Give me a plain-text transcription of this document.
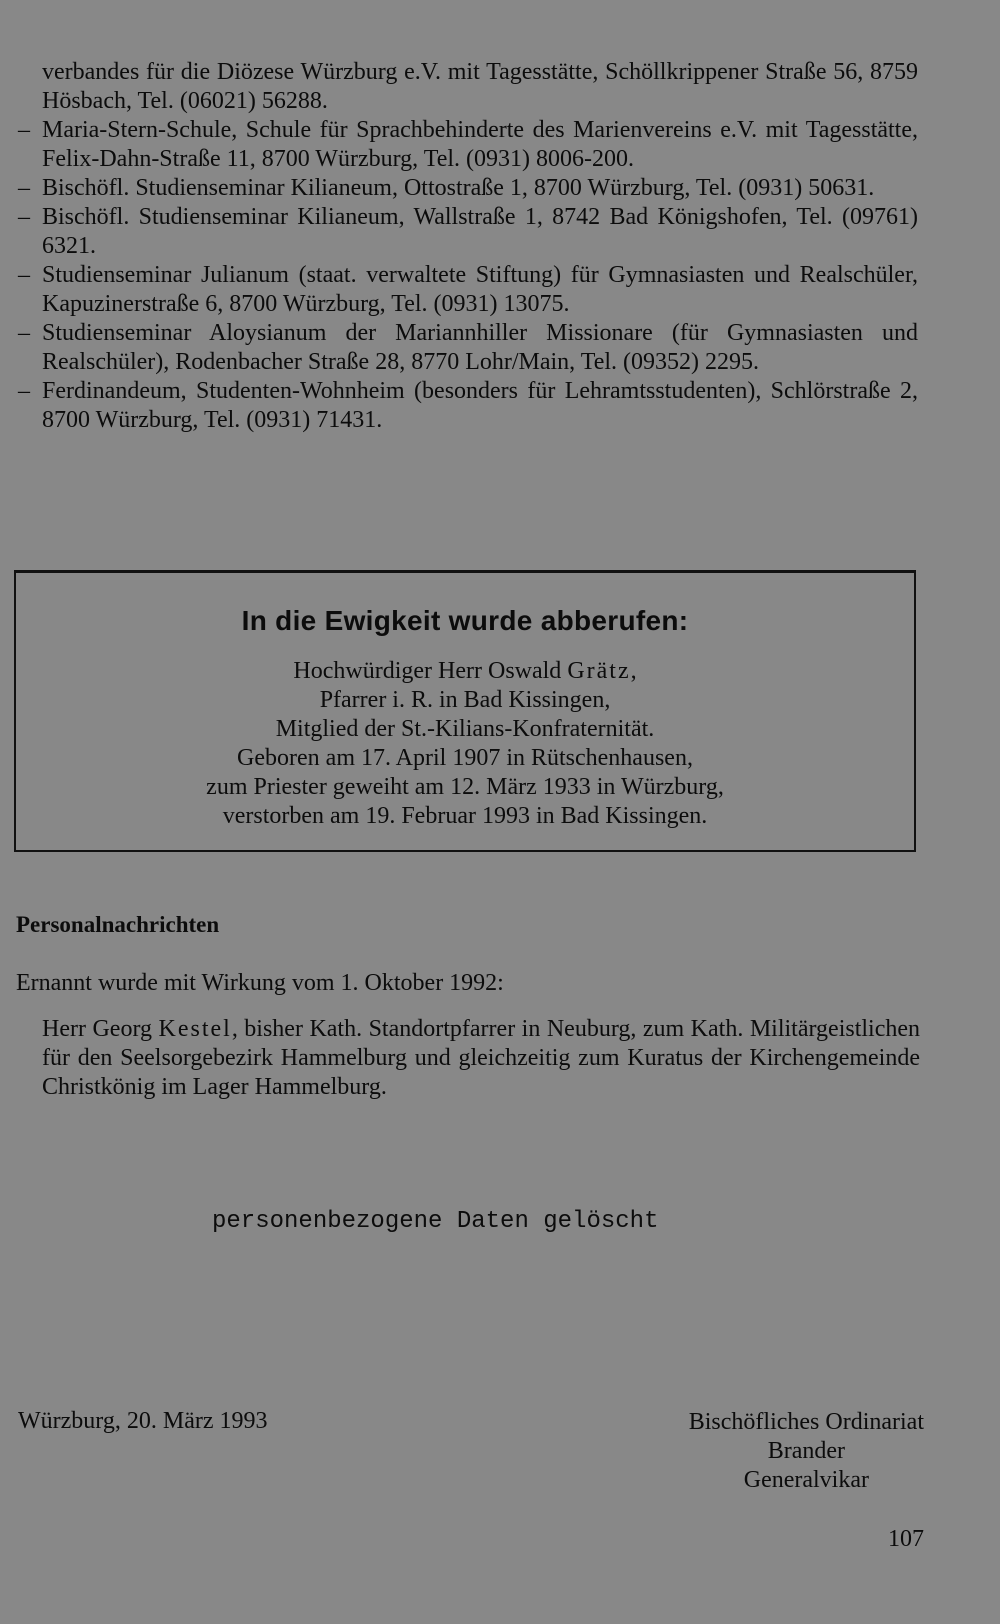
verbandes für die Diözese Würzburg e.V. mit Tagesstätte, Schöllkrippener Straße 56, 8759 Hösbach, Tel. (06021) 56288.
– Maria-Stern-Schule, Schule für Sprachbehinderte des Marienvereins e.V. mit Tagesstätte, Felix-Dahn-Straße 11, 8700 Würzburg, Tel. (0931) 8006-200.
– Bischöfl. Studienseminar Kilianeum, Ottostraße 1, 8700 Würzburg, Tel. (0931) 50631.
– Bischöfl. Studienseminar Kilianeum, Wallstraße 1, 8742 Bad Königshofen, Tel. (09761) 6321.
– Studienseminar Julianum (staat. verwaltete Stiftung) für Gymnasiasten und Realschüler, Kapuzinerstraße 6, 8700 Würzburg, Tel. (0931) 13075.
– Studienseminar Aloysianum der Mariannhiller Missionare (für Gymnasiasten und Realschüler), Rodenbacher Straße 28, 8770 Lohr/Main, Tel. (09352) 2295.
– Ferdinandeum, Studenten-Wohnheim (besonders für Lehramtsstudenten), Schlörstraße 2, 8700 Würzburg, Tel. (0931) 71431.
In die Ewigkeit wurde abberufen:
Hochwürdiger Herr Oswald Grätz,
Pfarrer i. R. in Bad Kissingen,
Mitglied der St.-Kilians-Konfraternität.
Geboren am 17. April 1907 in Rütschenhausen,
zum Priester geweiht am 12. März 1933 in Würzburg,
verstorben am 19. Februar 1993 in Bad Kissingen.
Personalnachrichten
Ernannt wurde mit Wirkung vom 1. Oktober 1992:
Herr Georg Kestel, bisher Kath. Standortpfarrer in Neuburg, zum Kath. Militärgeistlichen für den Seelsorgebezirk Hammelburg und gleichzeitig zum Kuratus der Kirchengemeinde Christkönig im Lager Hammelburg.
personenbezogene Daten gelöscht
Würzburg, 20. März 1993	Bischöfliches Ordinariat
Brander
Generalvikar
107
